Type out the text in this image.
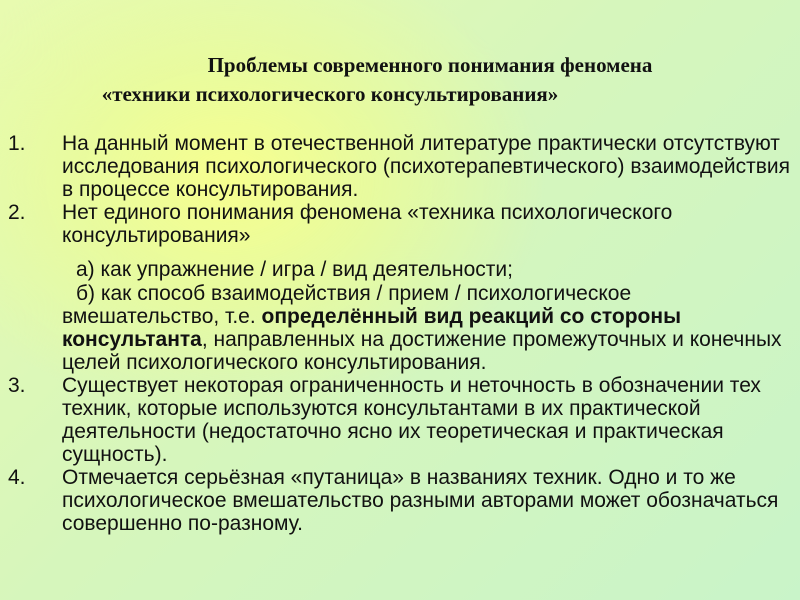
Проблемы современного понимания феномена
«техники психологического консультирования»
1.	На данный момент в отечественной литературе практически отсутствуют исследования психологического (психотерапевтического) взаимодействия в процессе консультирования.
2.	Нет единого понимания феномена «техника психологического консультирования»
а) как упражнение / игра / вид деятельности;
б) как способ взаимодействия / прием / психологическое вмешательство, т.е. определённый вид реакций со стороны консультанта, направленных на достижение промежуточных и конечных целей психологического консультирования.
3.	Существует некоторая ограниченность и неточность в обозначении тех техник, которые используются консультантами в их практической деятельности (недостаточно ясно их теоретическая и практическая сущность).
4.	Отмечается серьёзная «путаница» в названиях техник. Одно и то же психологическое вмешательство разными авторами может обозначаться совершенно по-разному.
